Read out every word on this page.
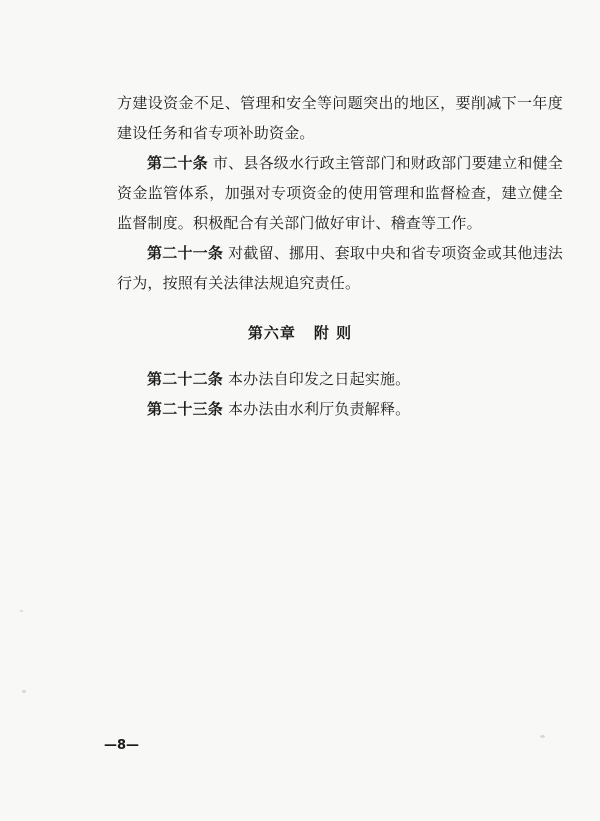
方建设资金不足、管理和安全等问题突出的地区，要削减下一年度建设任务和省专项补助资金。

第二十条 市、县各级水行政主管部门和财政部门要建立和健全资金监管体系，加强对专项资金的使用管理和监督检查，建立健全监督制度。积极配合有关部门做好审计、稽查等工作。

第二十一条 对截留、挪用、套取中央和省专项资金或其他违法行为，按照有关法律法规追究责任。

第六章 附 则

第二十二条 本办法自印发之日起实施。

第二十三条 本办法由水利厅负责解释。

—8—
